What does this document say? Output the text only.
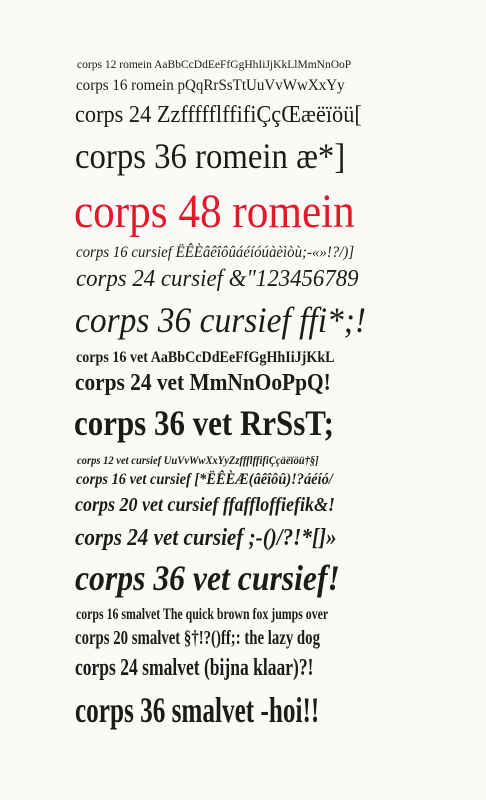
corps 12 romein AaBbCcDdEeFfGgHhIiJjKkLlMmNnOoP
corps 16 romein pQqRrSsTtUuVvWwXxYy
corps 24 ZzffffflffifiÇçŒæëïöü[
corps 36 romein æ*]
corps 48 romein
corps 16 cursief ËÊÈâêîôûáéíóúàèìòù;-«»!?/)]
corps 24 cursief &"123456789
corps 36 cursief ffi*;!
corps 16 vet AaBbCcDdEeFfGgHhIiJjKkL
corps 24 vet MmNnOoPpQ!
corps 36 vet RrSsT;
corps 12 vet cursief UuVvWwXxYyZzffflffifiÇçäëïöü†§]
corps 16 vet cursief [*ËÊÈÆ(âêîôû)!?áéíó/
corps 20 vet cursief ffaffloffiefik&!
corps 24 vet cursief ;-()/?!*[]»
corps 36 vet cursief!
corps 16 smalvet The quick brown fox jumps over
corps 20 smalvet §†!?()ff;: the lazy dog
corps 24 smalvet (bijna klaar)?!
corps 36 smalvet -hoi!!
